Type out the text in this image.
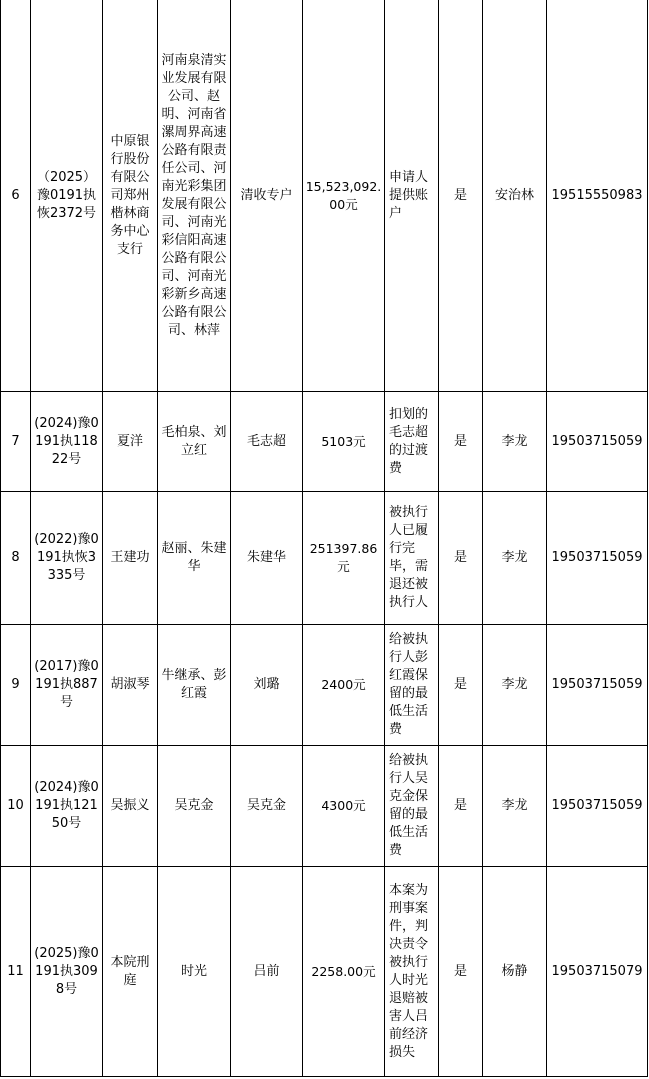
6	（2025）豫0191执恢2372号	中原银行股份有限公司郑州楷林商务中心支行	河南泉清实业发展有限公司、赵明、河南省漯周界高速公路有限责任公司、河南光彩集团发展有限公司、河南光彩信阳高速公路有限公司、河南光彩新乡高速公路有限公司、林萍	清收专户	15,523,092.00元	申请人提供账户	是	安治林	19515550983
7	(2024)豫0191执11822号	夏洋	毛柏泉、刘立红	毛志超	5103元	扣划的毛志超的过渡费	是	李龙	19503715059
8	(2022)豫0191执恢3335号	王建功	赵丽、朱建华	朱建华	251397.86元	被执行人已履行完毕，需退还被执行人	是	李龙	19503715059
9	(2017)豫0191执887号	胡淑琴	牛继承、彭红霞	刘璐	2400元	给被执行人彭红霞保留的最低生活费	是	李龙	19503715059
10	(2024)豫0191执12150号	吴振义	吴克金	吴克金	4300元	给被执行人吴克金保留的最低生活费	是	李龙	19503715059
11	(2025)豫0191执3098号	本院刑庭	时光	吕前	2258.00元	本案为刑事案件，判决责令被执行人时光退赔被害人吕前经济损失	是	杨静	19503715079
